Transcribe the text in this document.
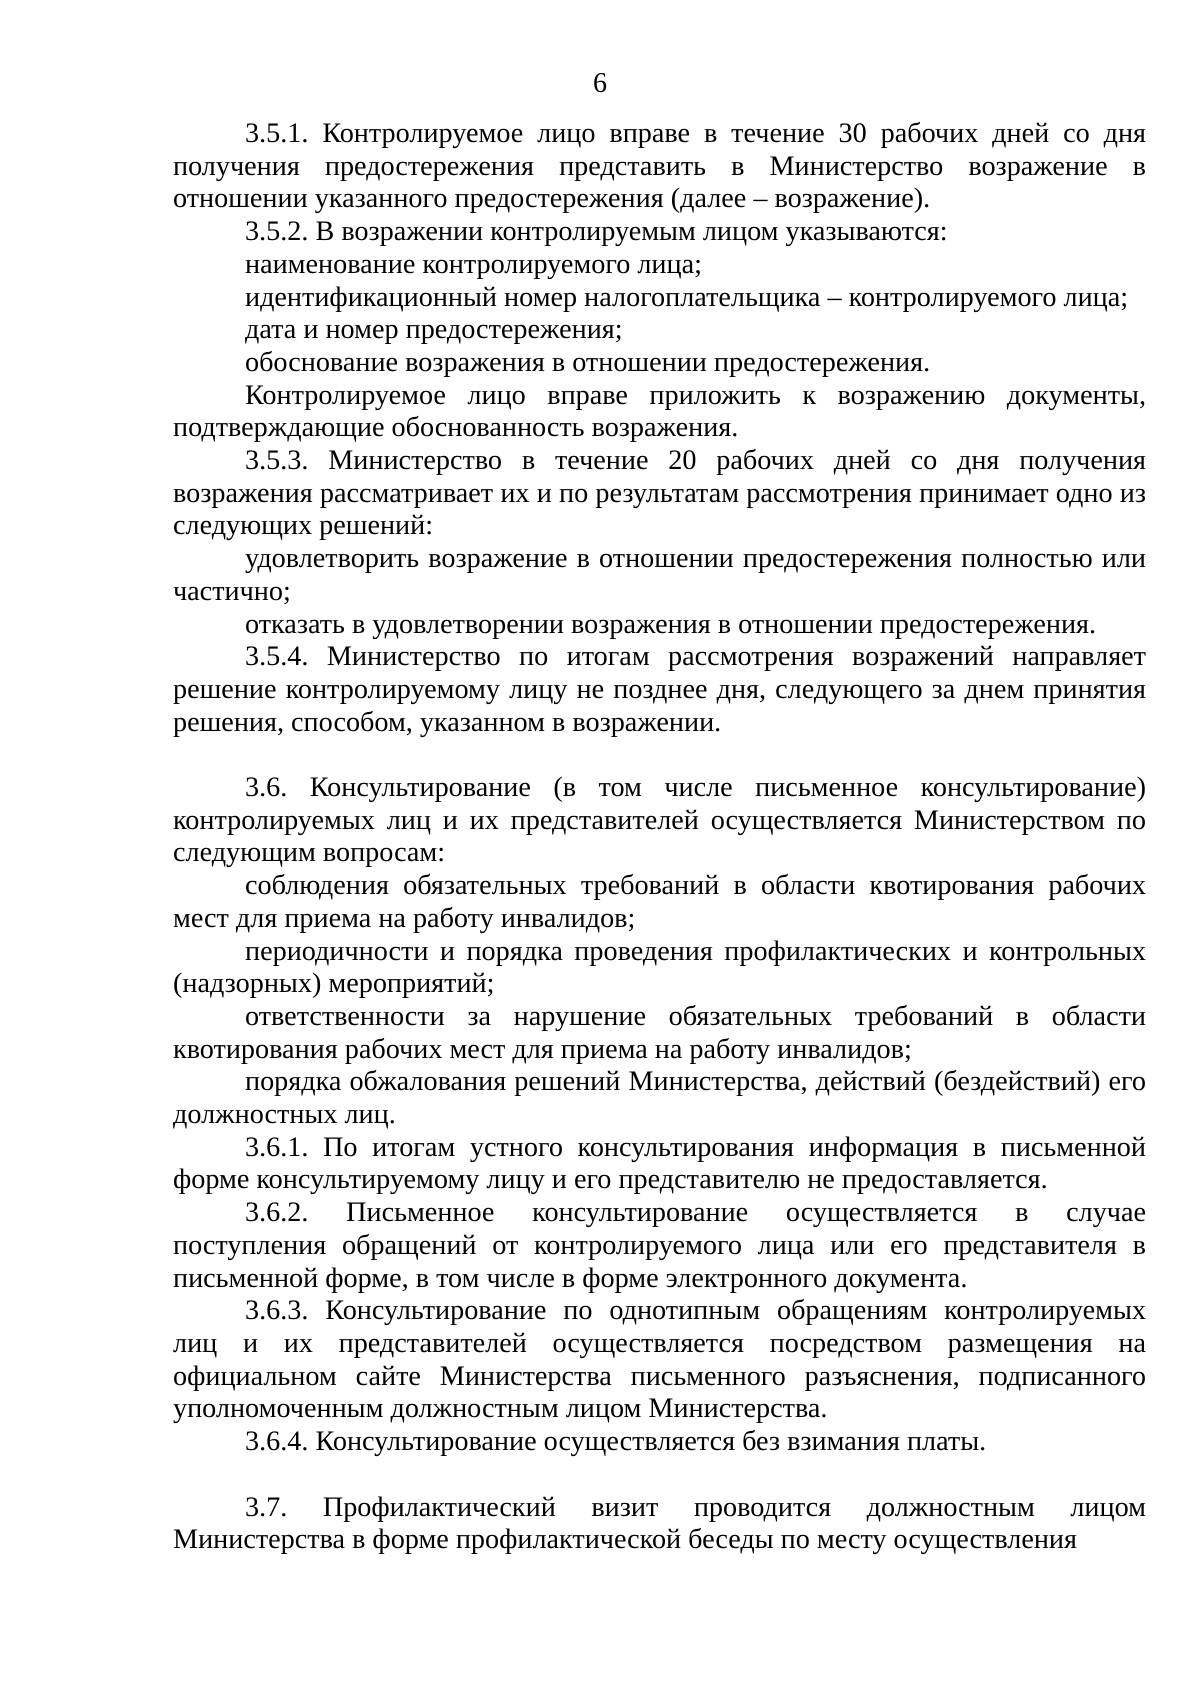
6

3.5.1. Контролируемое лицо вправе в течение 30 рабочих дней со дня получения предостережения представить в Министерство возражение в отношении указанного предостережения (далее – возражение).

3.5.2. В возражении контролируемым лицом указываются:

наименование контролируемого лица;

идентификационный номер налогоплательщика – контролируемого лица;

дата и номер предостережения;

обоснование возражения в отношении предостережения.

Контролируемое лицо вправе приложить к возражению документы, подтверждающие обоснованность возражения.

3.5.3. Министерство в течение 20 рабочих дней со дня получения возражения рассматривает их и по результатам рассмотрения принимает одно из следующих решений:

удовлетворить возражение в отношении предостережения полностью или частично;

отказать в удовлетворении возражения в отношении предостережения.

3.5.4. Министерство по итогам рассмотрения возражений направляет решение контролируемому лицу не позднее дня, следующего за днем принятия решения, способом, указанном в возражении.

3.6. Консультирование (в том числе письменное консультирование) контролируемых лиц и их представителей осуществляется Министерством по следующим вопросам:

соблюдения обязательных требований в области квотирования рабочих мест для приема на работу инвалидов;

периодичности и порядка проведения профилактических и контрольных (надзорных) мероприятий;

ответственности за нарушение обязательных требований в области квотирования рабочих мест для приема на работу инвалидов;

порядка обжалования решений Министерства, действий (бездействий) его должностных лиц.

3.6.1. По итогам устного консультирования информация в письменной форме консультируемому лицу и его представителю не предоставляется.

3.6.2. Письменное консультирование осуществляется в случае поступления обращений от контролируемого лица или его представителя в письменной форме, в том числе в форме электронного документа.

3.6.3. Консультирование по однотипным обращениям контролируемых лиц и их представителей осуществляется посредством размещения на официальном сайте Министерства письменного разъяснения, подписанного уполномоченным должностным лицом Министерства.

3.6.4. Консультирование осуществляется без взимания платы.

3.7. Профилактический визит проводится должностным лицом Министерства в форме профилактической беседы по месту осуществления
